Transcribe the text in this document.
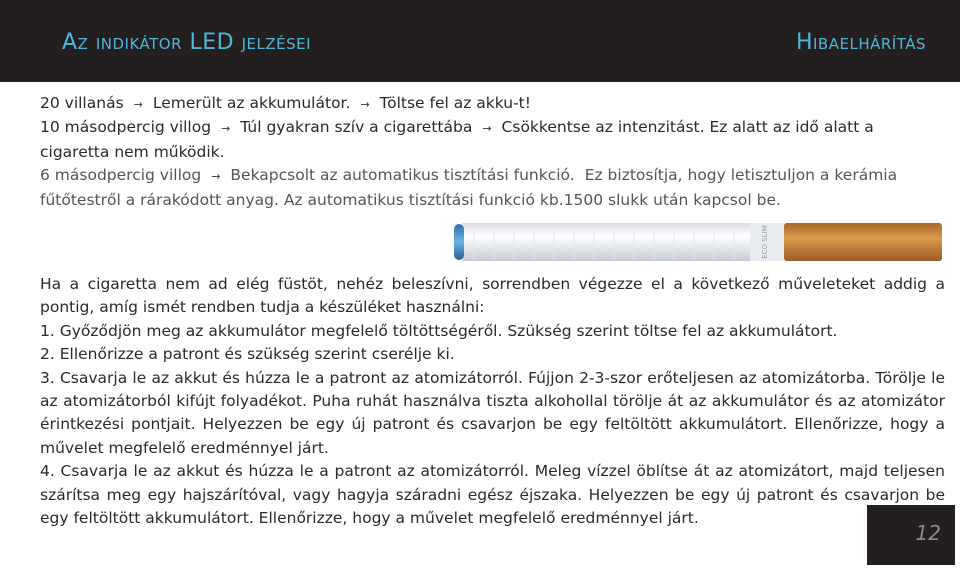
Az indikátor LED jelzései	Hibaelhárítás

20 villanás → Lemerült az akkumulátor. → Töltse fel az akku-t!

10 másodpercig villog → Túl gyakran szív a cigarettába → Csökkentse az intenzitást. Ez alatt az idő alatt a cigaretta nem működik.

6 másodpercig villog → Bekapcsolt az automatikus tisztítási funkció. Ez biztosítja, hogy letisztuljon a kerámia fűtőtestről a rárakódott anyag. Az automatikus tisztítási funkció kb.1500 slukk után kapcsol be.

ECO SLIM

Ha a cigaretta nem ad elég füstöt, nehéz beleszívni, sorrendben végezze el a következő műveleteket addig a pontig, amíg ismét rendben tudja a készüléket használni:

1. Győződjön meg az akkumulátor megfelelő töltöttségéről. Szükség szerint töltse fel az akkumulátort.

2. Ellenőrizze a patront és szükség szerint cserélje ki.

3. Csavarja le az akkut és húzza le a patront az atomizátorról. Fújjon 2-3-szor erőteljesen az atomizátorba. Törölje le az atomizátorból kifújt folyadékot. Puha ruhát használva tiszta alkohollal törölje át az akkumulátor és az atomizátor érintkezési pontjait. Helyezzen be egy új patront és csavarjon be egy feltöltött akkumulátort. Ellenőrizze, hogy a művelet megfelelő eredménnyel járt.

4. Csavarja le az akkut és húzza le a patront az atomizátorról. Meleg vízzel öblítse át az atomizátort, majd teljesen szárítsa meg egy hajszárítóval, vagy hagyja száradni egész éjszaka. Helyezzen be egy új patront és csavarjon be egy feltöltött akkumulátort. Ellenőrizze, hogy a művelet megfelelő eredménnyel járt.

12
